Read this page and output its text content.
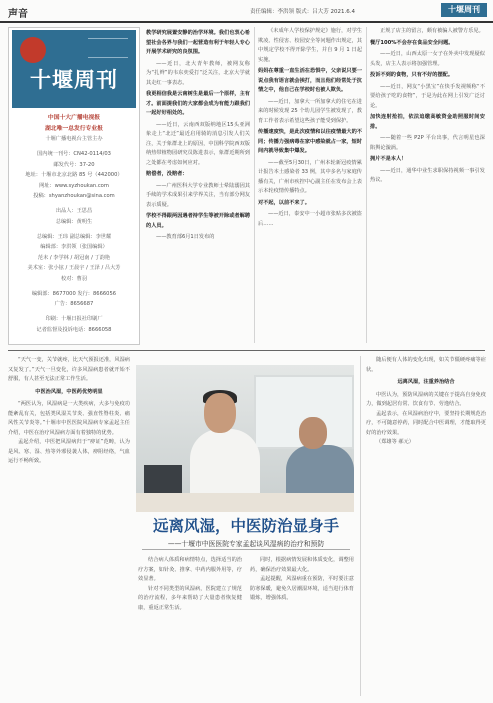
声音	责任编辑：李洪领 版式：吕大芳 2021.6.4	十堰周刊
十堰周刊
中国十大广播电视报
湖北唯一总发行专业报
十堰广播电视台主管主办
国内统一刊号：CN42-0114/03
邮发代号：37-20
地址：十堰市北京北路 85 号（442000）
网址：www.syzhoukan.com
投稿：shyanzhoukan@sina.com
出品人：王思昌
总编辑：黄明生
总编辑：王玮 副总编辑：李世耀
编辑部：李洪领（张国编辑）
范未 / 李学林 / 胡冠南 / 丁韵艳
美术室：张小铉 / 王晨宇 / 王泽 / 吕大芳
校对：曹羽
编辑部：8677000 发行：8666056
广告：8656687
印刷：十堰日报社印刷厂
记者监督及投诉电话：8666058

教学研究展置安静的治学环境。我们也衷心希望社会各界与我们一起营造有利于年轻人专心开展学术研究的良氛围。

——近日，北大青年教师，被网友称为“扎辫”的韦东奕爱打“泛关注，北京大学就其走红一事表态。

我更相信我是云南树生是最后一个原样，主有才。前面提我们的大家都会成为有能力跟我们一起好好相处的。

——近日，云南西双版纳地区15头亚洲象走上“北迁”最近启用骑的消息引发人们关注，关于象群北上的原因，中国科学院西双版纳热带植物园研究员陈进表示，象群近期所到之处都在考虑如何应对。

赔偿者，没赔者：

——广州医科大学专业教师士晕陆溺因其手续的学术成果引来学界关注，当有部分网友表示质疑。

学校不得跟两因遇者持学生等被开除或者解聘的人员。

——教育部6月1日发布的

《未成年人学校保护规定》施行，对学生欺凌、性侵害、校园安全等问题作出规定，其中规定学校不得开除学生，并自 9 月 1 日起实施。

妈妈在尊重一直生活在恐惧中，父亲说只要一说点我有语言就会挨打，而且他们经常处于抗情之中，他自己在学校时也被人欺负。

——近日，加拿大一所加拿大的住宅在进来的时候发现 25 个幼儿园学生被发现了，教育工作者表示希望这些孩子能受到保护。

传播速度快，是此次疫情和以往疫情最大的不同；传播力强病毒在家中感染就占一家，短时间内就导致集中爆发。

——截至5月30日，广州本轮新冠疫情累计报告本土感染者 33 例，其中多名与家庭传播有关，广州市疾控中心副主任在发布会上表示本轮疫情传播特点。

对不起，以前不来了。

——近日，泰安中一小超市张贴多次被盗后……

正规了店主的留言，颇有被骗人被警方乐见。

餐厅100%不会存在食品安全问题。

——近日，山西太原一女子在外卖中发现疑似头发，店主人表示将加强管理。

投诉不到的食物，只有不好的摆配。

——近日，网友“小黑宝”在快手发视频称“不要给孩子吃的食物”，于是为此在网上引发广泛讨论。

加快连射抢拍，依法追缴高敏资金助照服时间安排。

——随着一些 P2P 平台出事，代言明星也深陷舆论漩涡。

拥片不是本人！

——近日，通华中业生求职保持视频一事引发热议。

“天气一变，关节就疼，比天气预报还准，风湿病又复发了。”天气一旦变化，许多风湿病患者就开始不舒服，有人甚至无法正常工作生活。

中医治风湿，中医药优势明显

“两医认为，风湿病是一大类疾病，大多与免疫功能紊乱有关，包括类风湿关节炎、强直性脊柱炎、痛风性关节炎等。”十堰市中医医院风湿病专家孟起主任介绍，中医在治疗风湿病方面有着独特的优势。

孟起介绍，中医把风湿病归于“痹证”范畴，认为是风、寒、湿、热等外邪侵袭人体，痹阻经络，气血运行不畅所致。

远离风湿，中医防治显身手
——十堰市中医医院专家孟起谈风湿病的治疗和预防

结合病人体质和病情特点，选择适当的治疗方案，如针灸、推拿、中药内服外用等，疗效显著。

针对不同类型的风湿病，医院建立了规范的治疗流程，多年来帮助了大量患者恢复健康，重返正常生活。

同时，根据病情发展和体质变化，调整用药，确保治疗效果最大化。

孟起提醒，风湿病重在预防，平时要注意防寒保暖，避免久居潮湿环境，适当进行体育锻炼，增强体质。

随后便有人体的变化出现，如关节僵硬疼痛等症状。

远离风湿，注重养治结合

中医认为，预防风湿病的关键在于提高自身免疫力，做到起居有常、饮食有节、劳逸结合。

孟起表示，在风湿病治疗中，要坚持长期规范治疗，不可随意停药，同时配合中医调理，才能取得更好的治疗效果。

（郑雄等 郝元）
